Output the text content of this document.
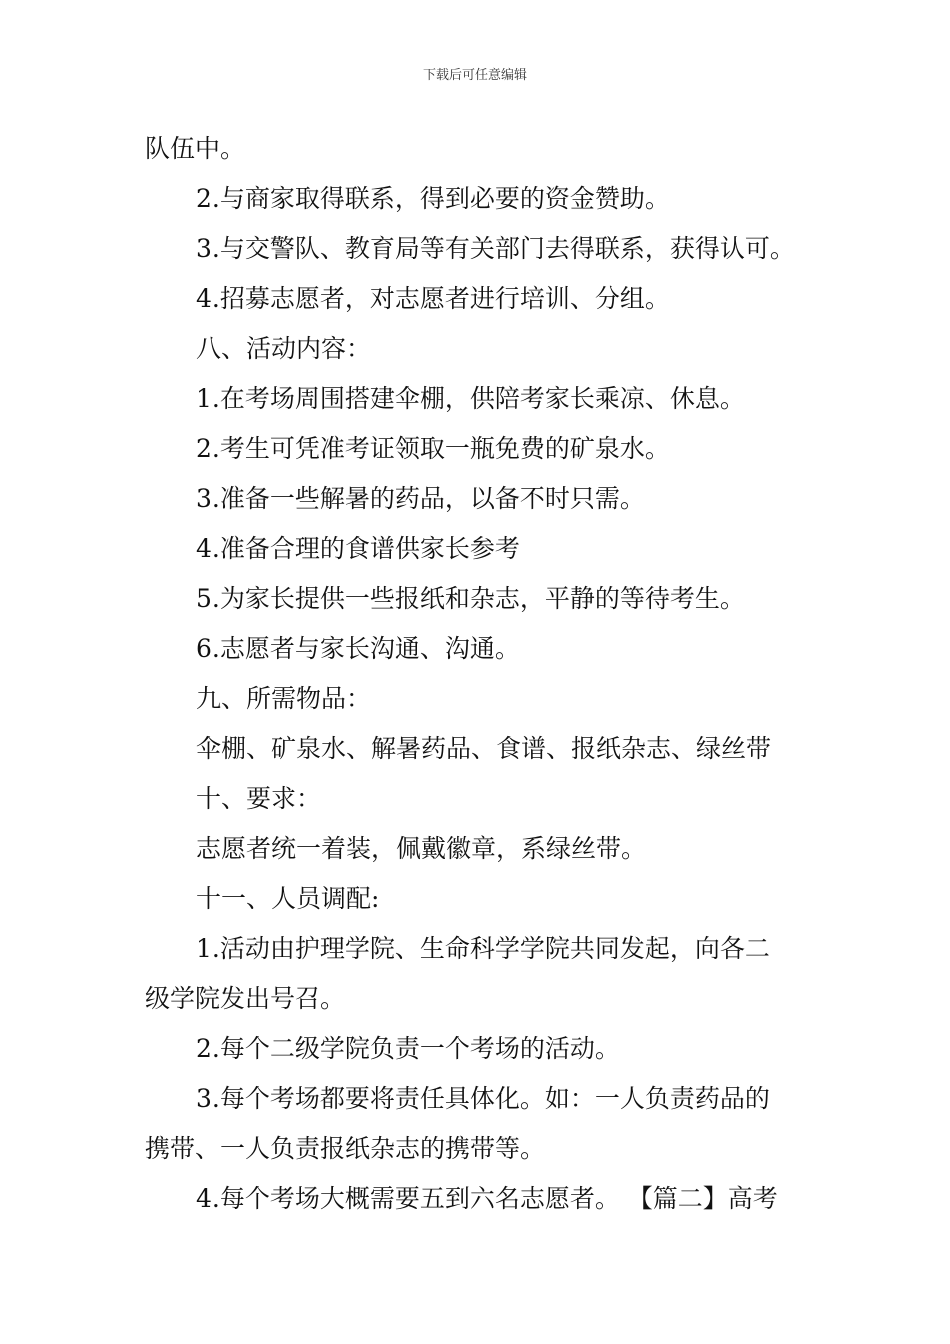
下载后可任意编辑
队伍中。
2.与商家取得联系，得到必要的资金赞助。
3.与交警队、教育局等有关部门去得联系，获得认可。
4.招募志愿者，对志愿者进行培训、分组。
八、活动内容：
1.在考场周围搭建伞棚，供陪考家长乘凉、休息。
2.考生可凭准考证领取一瓶免费的矿泉水。
3.准备一些解暑的药品，以备不时只需。
4.准备合理的食谱供家长参考
5.为家长提供一些报纸和杂志，平静的等待考生。
6.志愿者与家长沟通、沟通。
九、所需物品：
伞棚、矿泉水、解暑药品、食谱、报纸杂志、绿丝带
十、要求：
志愿者统一着装，佩戴徽章，系绿丝带。
十一、人员调配:
1.活动由护理学院、生命科学学院共同发起，向各二
级学院发出号召。
2.每个二级学院负责一个考场的活动。
3.每个考场都要将责任具体化。如：一人负责药品的
携带、一人负责报纸杂志的携带等。
4.每个考场大概需要五到六名志愿者。 【篇二】高考
